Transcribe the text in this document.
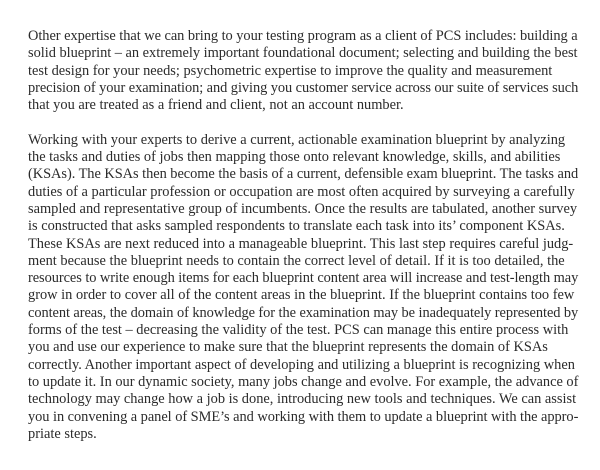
Other expertise that we can bring to your testing program as a client of PCS includes: building a
solid blueprint – an extremely important foundational document; selecting and building the best
test design for your needs; psychometric expertise to improve the quality and measurement
precision of your examination; and giving you customer service across our suite of services such
that you are treated as a friend and client, not an account number.

Working with your experts to derive a current, actionable examination blueprint by analyzing
the tasks and duties of jobs then mapping those onto relevant knowledge, skills, and abilities
(KSAs). The KSAs then become the basis of a current, defensible exam blueprint. The tasks and
duties of a particular profession or occupation are most often acquired by surveying a carefully
sampled and representative group of incumbents. Once the results are tabulated, another survey
is constructed that asks sampled respondents to translate each task into its’ component KSAs.
These KSAs are next reduced into a manageable blueprint. This last step requires careful judg-
ment because the blueprint needs to contain the correct level of detail. If it is too detailed, the
resources to write enough items for each blueprint content area will increase and test-length may
grow in order to cover all of the content areas in the blueprint. If the blueprint contains too few
content areas, the domain of knowledge for the examination may be inadequately represented by
forms of the test – decreasing the validity of the test. PCS can manage this entire process with
you and use our experience to make sure that the blueprint represents the domain of KSAs
correctly. Another important aspect of developing and utilizing a blueprint is recognizing when
to update it. In our dynamic society, many jobs change and evolve. For example, the advance of
technology may change how a job is done, introducing new tools and techniques. We can assist
you in convening a panel of SME’s and working with them to update a blueprint with the appro-
priate steps.
